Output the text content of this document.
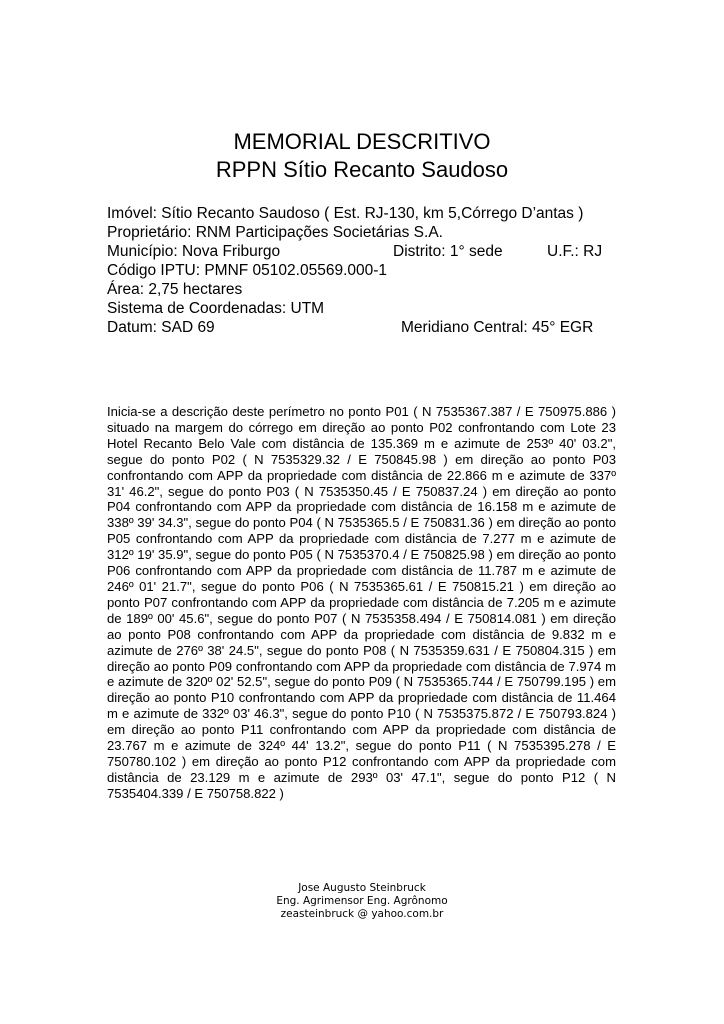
MEMORIAL DESCRITIVO
RPPN Sítio Recanto Saudoso
Imóvel: Sítio Recanto Saudoso ( Est. RJ-130, km 5,Córrego D’antas )
Proprietário: RNM Participações Societárias S.A.
Município: Nova Friburgo	Distrito: 1° sede	U.F.: RJ
Código IPTU: PMNF 05102.05569.000-1
Área: 2,75 hectares
Sistema de Coordenadas: UTM
Datum: SAD 69	Meridiano Central: 45° EGR

Inicia-se a descrição deste perímetro no ponto P01 ( N 7535367.387 / E 750975.886 ) situado na margem do córrego em direção ao ponto P02 confrontando com Lote 23 Hotel Recanto Belo Vale com distância de 135.369 m e azimute de 253º 40' 03.2", segue do ponto P02 ( N 7535329.32 / E 750845.98 ) em direção ao ponto P03 confrontando com APP da propriedade com distância de 22.866 m e azimute de 337º 31' 46.2", segue do ponto P03 ( N 7535350.45 / E 750837.24 ) em direção ao ponto P04 confrontando com APP da propriedade com distância de 16.158 m e azimute de 338º 39' 34.3", segue do ponto P04 ( N 7535365.5 / E 750831.36 ) em direção ao ponto P05 confrontando com APP da propriedade com distância de 7.277 m e azimute de 312º 19' 35.9", segue do ponto P05 ( N 7535370.4 / E 750825.98 ) em direção ao ponto P06 confrontando com APP da propriedade com distância de 11.787 m e azimute de 246º 01' 21.7", segue do ponto P06 ( N 7535365.61 / E 750815.21 ) em direção ao ponto P07 confrontando com APP da propriedade com distância de 7.205 m e azimute de 189º 00' 45.6", segue do ponto P07 ( N 7535358.494 / E 750814.081 ) em direção ao ponto P08 confrontando com APP da propriedade com distância de 9.832 m e azimute de 276º 38' 24.5", segue do ponto P08 ( N 7535359.631 / E 750804.315 ) em direção ao ponto P09 confrontando com APP da propriedade com distância de 7.974 m e azimute de 320º 02' 52.5", segue do ponto P09 ( N 7535365.744 / E 750799.195 ) em direção ao ponto P10 confrontando com APP da propriedade com distância de 11.464 m e azimute de 332º 03' 46.3", segue do ponto P10 ( N 7535375.872 / E 750793.824 ) em direção ao ponto P11 confrontando com APP da propriedade com distância de 23.767 m e azimute de 324º 44' 13.2", segue do ponto P11 ( N 7535395.278 / E 750780.102 ) em direção ao ponto P12 confrontando com APP da propriedade com distância de 23.129 m e azimute de 293º 03' 47.1", segue do ponto P12 ( N 7535404.339 / E 750758.822 )

Jose Augusto Steinbruck
Eng. Agrimensor Eng. Agrônomo
zeasteinbruck @ yahoo.com.br
